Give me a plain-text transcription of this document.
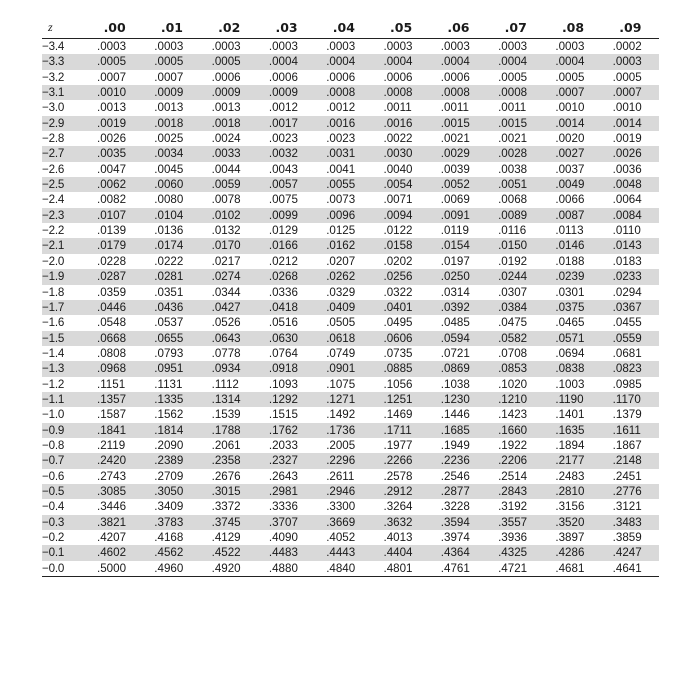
z	.00	.01	.02	.03	.04	.05	.06	.07	.08	.09
−3.4	.0003	.0003	.0003	.0003	.0003	.0003	.0003	.0003	.0003	.0002
−3.3	.0005	.0005	.0005	.0004	.0004	.0004	.0004	.0004	.0004	.0003
−3.2	.0007	.0007	.0006	.0006	.0006	.0006	.0006	.0005	.0005	.0005
−3.1	.0010	.0009	.0009	.0009	.0008	.0008	.0008	.0008	.0007	.0007
−3.0	.0013	.0013	.0013	.0012	.0012	.0011	.0011	.0011	.0010	.0010
−2.9	.0019	.0018	.0018	.0017	.0016	.0016	.0015	.0015	.0014	.0014
−2.8	.0026	.0025	.0024	.0023	.0023	.0022	.0021	.0021	.0020	.0019
−2.7	.0035	.0034	.0033	.0032	.0031	.0030	.0029	.0028	.0027	.0026
−2.6	.0047	.0045	.0044	.0043	.0041	.0040	.0039	.0038	.0037	.0036
−2.5	.0062	.0060	.0059	.0057	.0055	.0054	.0052	.0051	.0049	.0048
−2.4	.0082	.0080	.0078	.0075	.0073	.0071	.0069	.0068	.0066	.0064
−2.3	.0107	.0104	.0102	.0099	.0096	.0094	.0091	.0089	.0087	.0084
−2.2	.0139	.0136	.0132	.0129	.0125	.0122	.0119	.0116	.0113	.0110
−2.1	.0179	.0174	.0170	.0166	.0162	.0158	.0154	.0150	.0146	.0143
−2.0	.0228	.0222	.0217	.0212	.0207	.0202	.0197	.0192	.0188	.0183
−1.9	.0287	.0281	.0274	.0268	.0262	.0256	.0250	.0244	.0239	.0233
−1.8	.0359	.0351	.0344	.0336	.0329	.0322	.0314	.0307	.0301	.0294
−1.7	.0446	.0436	.0427	.0418	.0409	.0401	.0392	.0384	.0375	.0367
−1.6	.0548	.0537	.0526	.0516	.0505	.0495	.0485	.0475	.0465	.0455
−1.5	.0668	.0655	.0643	.0630	.0618	.0606	.0594	.0582	.0571	.0559
−1.4	.0808	.0793	.0778	.0764	.0749	.0735	.0721	.0708	.0694	.0681
−1.3	.0968	.0951	.0934	.0918	.0901	.0885	.0869	.0853	.0838	.0823
−1.2	.1151	.1131	.1112	.1093	.1075	.1056	.1038	.1020	.1003	.0985
−1.1	.1357	.1335	.1314	.1292	.1271	.1251	.1230	.1210	.1190	.1170
−1.0	.1587	.1562	.1539	.1515	.1492	.1469	.1446	.1423	.1401	.1379
−0.9	.1841	.1814	.1788	.1762	.1736	.1711	.1685	.1660	.1635	.1611
−0.8	.2119	.2090	.2061	.2033	.2005	.1977	.1949	.1922	.1894	.1867
−0.7	.2420	.2389	.2358	.2327	.2296	.2266	.2236	.2206	.2177	.2148
−0.6	.2743	.2709	.2676	.2643	.2611	.2578	.2546	.2514	.2483	.2451
−0.5	.3085	.3050	.3015	.2981	.2946	.2912	.2877	.2843	.2810	.2776
−0.4	.3446	.3409	.3372	.3336	.3300	.3264	.3228	.3192	.3156	.3121
−0.3	.3821	.3783	.3745	.3707	.3669	.3632	.3594	.3557	.3520	.3483
−0.2	.4207	.4168	.4129	.4090	.4052	.4013	.3974	.3936	.3897	.3859
−0.1	.4602	.4562	.4522	.4483	.4443	.4404	.4364	.4325	.4286	.4247
−0.0	.5000	.4960	.4920	.4880	.4840	.4801	.4761	.4721	.4681	.4641
